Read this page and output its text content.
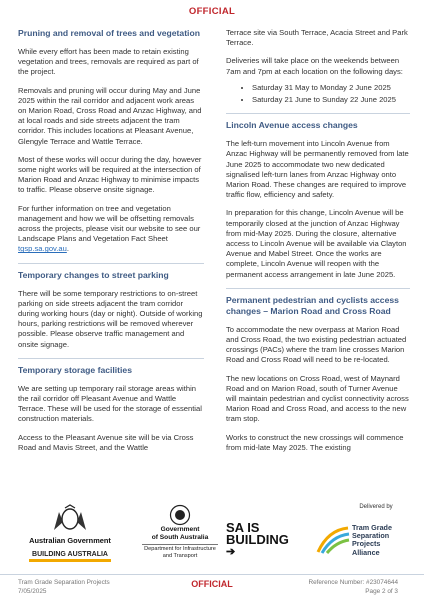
OFFICIAL
Pruning and removal of trees and vegetation

While every effort has been made to retain existing vegetation and trees, removals are required as part of the project.

Removals and pruning will occur during May and June 2025 within the rail corridor and adjacent work areas on Marion Road, Cross Road and Anzac Highway, and at local roads and side streets adjacent the tram corridor. This includes locations at Pleasant Avenue, Glengyle Terrace and Wattle Terrace.

Most of these works will occur during the day, however some night works will be required at the intersection of Marion Road and Anzac Highway to minimise impacts to traffic. Please observe onsite signage.

For further information on tree and vegetation management and how we will be offsetting removals across the projects, please visit our website to see our Landscape Plans and Vegetation Fact Sheet tgsp.sa.gov.au.

Temporary changes to street parking

There will be some temporary restrictions to on-street parking on side streets adjacent the tram corridor during working hours (day or night). Outside of working hours, parking restrictions will be removed wherever possible. Please observe traffic management and onsite signage.

Temporary storage facilities

We are setting up temporary rail storage areas within the rail corridor off Pleasant Avenue and Wattle Terrace. These will be used for the storage of essential construction materials.

Access to the Pleasant Avenue site will be via Cross Road and Mavis Street, and the Wattle

Terrace site via South Terrace, Acacia Street and Park Terrace.

Deliveries will take place on the weekends between 7am and 7pm at each location on the following days:

• Saturday 31 May to Monday 2 June 2025
• Saturday 21 June to Sunday 22 June 2025
Lincoln Avenue access changes

The left-turn movement into Lincoln Avenue from Anzac Highway will be permanently removed from late June 2025 to accommodate two new dedicated signalised left-turn lanes from Anzac Highway onto Marion Road. These changes are required to improve traffic flow, efficiency and safety.

In preparation for this change, Lincoln Avenue will be temporarily closed at the junction of Anzac Highway from mid-May 2025. During the closure, alternative access to Lincoln Avenue will be available via Clayton Avenue and Mabel Street. Once the works are complete, Lincoln Avenue will reopen with the permanent access arrangement in late June 2025.

Permanent pedestrian and cyclists access changes – Marion Road and Cross Road

To accommodate the new overpass at Marion Road and Cross Road, the two existing pedestrian actuated crossings (PACs) where the tram line crosses Marion Road and Cross Road will need to be re-located.

The new locations on Cross Road, west of Maynard Road and on Marion Road, south of Turner Avenue will maintain pedestrian and cyclist connectivity across Marion Road and Cross Road, and access to the new tram stop.

Works to construct the new crossings will commence from mid-late May 2025. The existing

Australian Government
BUILDING AUSTRALIA
Government
of South Australia
Department for Infrastructure and Transport
SA IS
BUILDING
➔
Delivered by
Tram Grade
Separation
Projects
Alliance
Tram Grade Separation Projects
7/05/2025
OFFICIAL	Reference Number: #23074644
Page 2 of 3
